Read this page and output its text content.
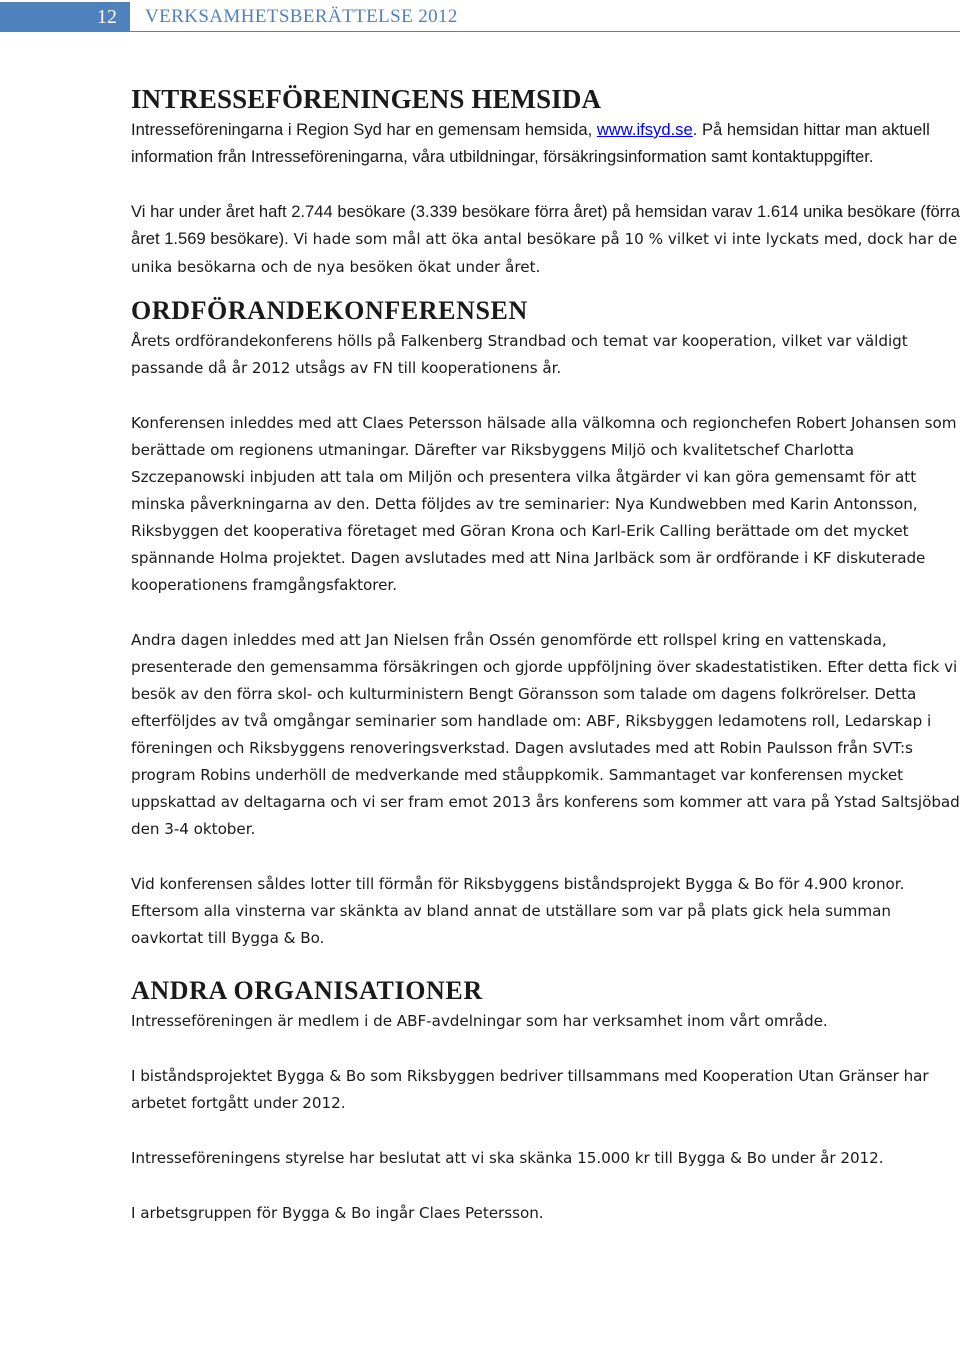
12	VERKSAMHETSBERÄTTELSE 2012
INTRESSEFÖRENINGENS HEMSIDA

Intresseföreningarna i Region Syd har en gemensam hemsida, www.ifsyd.se. På hemsidan hittar man aktuell information från Intresseföreningarna, våra utbildningar, försäkringsinformation samt kontaktuppgifter.

Vi har under året haft 2.744 besökare (3.339 besökare förra året) på hemsidan varav 1.614 unika besökare (förra året 1.569 besökare). Vi hade som mål att öka antal besökare på 10 % vilket vi inte lyckats med, dock har de unika besökarna och de nya besöken ökat under året.

ORDFÖRANDEKONFERENSEN

Årets ordförandekonferens hölls på Falkenberg Strandbad och temat var kooperation, vilket var väldigt passande då år 2012 utsågs av FN till kooperationens år.

Konferensen inleddes med att Claes Petersson hälsade alla välkomna och regionchefen Robert Johansen som berättade om regionens utmaningar. Därefter var Riksbyggens Miljö och kvalitetschef Charlotta Szczepanowski inbjuden att tala om Miljön och presentera vilka åtgärder vi kan göra gemensamt för att minska påverkningarna av den. Detta följdes av tre seminarier: Nya Kundwebben med Karin Antonsson, Riksbyggen det kooperativa företaget med Göran Krona och Karl-Erik Calling berättade om det mycket spännande Holma projektet. Dagen avslutades med att Nina Jarlbäck som är ordförande i KF diskuterade kooperationens framgångsfaktorer.

Andra dagen inleddes med att Jan Nielsen från Ossén genomförde ett rollspel kring en vattenskada, presenterade den gemensamma försäkringen och gjorde uppföljning över skadestatistiken. Efter detta fick vi besök av den förra skol- och kulturministern Bengt Göransson som talade om dagens folkrörelser. Detta efterföljdes av två omgångar seminarier som handlade om: ABF, Riksbyggen ledamotens roll, Ledarskap i föreningen och Riksbyggens renoveringsverkstad. Dagen avslutades med att Robin Paulsson från SVT:s program Robins underhöll de medverkande med ståuppkomik. Sammantaget var konferensen mycket uppskattad av deltagarna och vi ser fram emot 2013 års konferens som kommer att vara på Ystad Saltsjöbad den 3-4 oktober.

Vid konferensen såldes lotter till förmån för Riksbyggens biståndsprojekt Bygga & Bo för 4.900 kronor. Eftersom alla vinsterna var skänkta av bland annat de utställare som var på plats gick hela summan oavkortat till Bygga & Bo.

ANDRA ORGANISATIONER

Intresseföreningen är medlem i de ABF-avdelningar som har verksamhet inom vårt område.

I biståndsprojektet Bygga & Bo som Riksbyggen bedriver tillsammans med Kooperation Utan Gränser har arbetet fortgått under 2012.

Intresseföreningens styrelse har beslutat att vi ska skänka 15.000 kr till Bygga & Bo under år 2012.

I arbetsgruppen för Bygga & Bo ingår Claes Petersson.
